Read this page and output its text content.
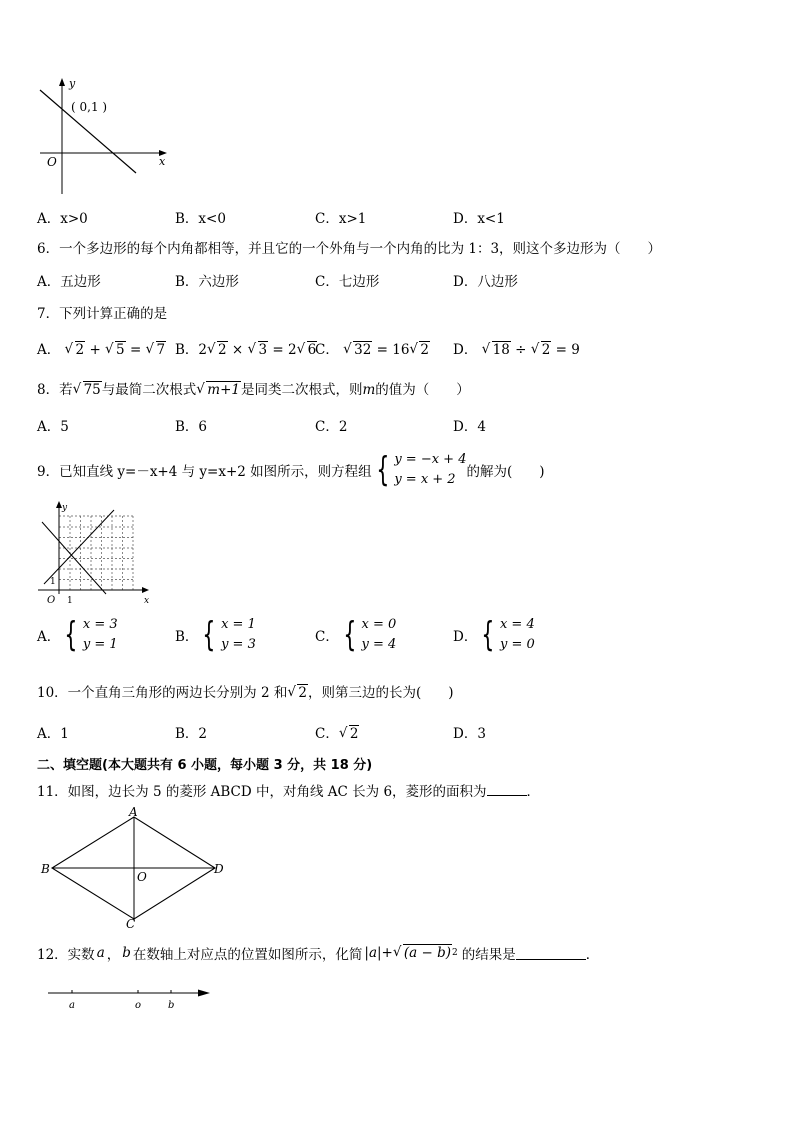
y
x
O
( 0,1 )
A．x>0	B．x<0	C．x>1	D．x<1
6．一个多边形的每个内角都相等，并且它的一个外角与一个内角的比为 1：3，则这个多边形为（　　）
A．五边形	B．六边形	C．七边形	D．八边形
7．下列计算正确的是
A． √ 2 + √ 5 = √ 7 B．2 √ 2 × √ 3 = 2 √ 6
C． √ 32 = 16 √ 2 D． √ 18 ÷ √ 2 = 9
8．若 √ 75与最简二次根式 √ m+1是同类二次根式，则m的值为（　　）
A．5	B．6	C．2	D．4
9．已知直线 y=－x+4 与 y=x+2 如图所示，则方程组 { y = −x + 4
y = x + 2 的解为(　　)
y
x
O 1
1
A． { x = 3
y = 1	B． { x = 1
y = 3	C． { x = 0
y = 4	D． { x = 4
y = 0
10．一个直角三角形的两边长分别为 2 和 √ 2，则第三边的长为(　　)
A．1	B．2	C． √ 2	D．3
二、填空题(本大题共有 6 小题，每小题 3 分，共 18 分)
11．如图，边长为 5 的菱形 ABCD 中，对角线 AC 长为 6，菱形的面积为	．
A
B
C
D
O
12．实数 a ， b 在数轴上对应点的位置如图所示，化简 |a|+ √ (a − b) 2 的结果是	．
a	o	b
